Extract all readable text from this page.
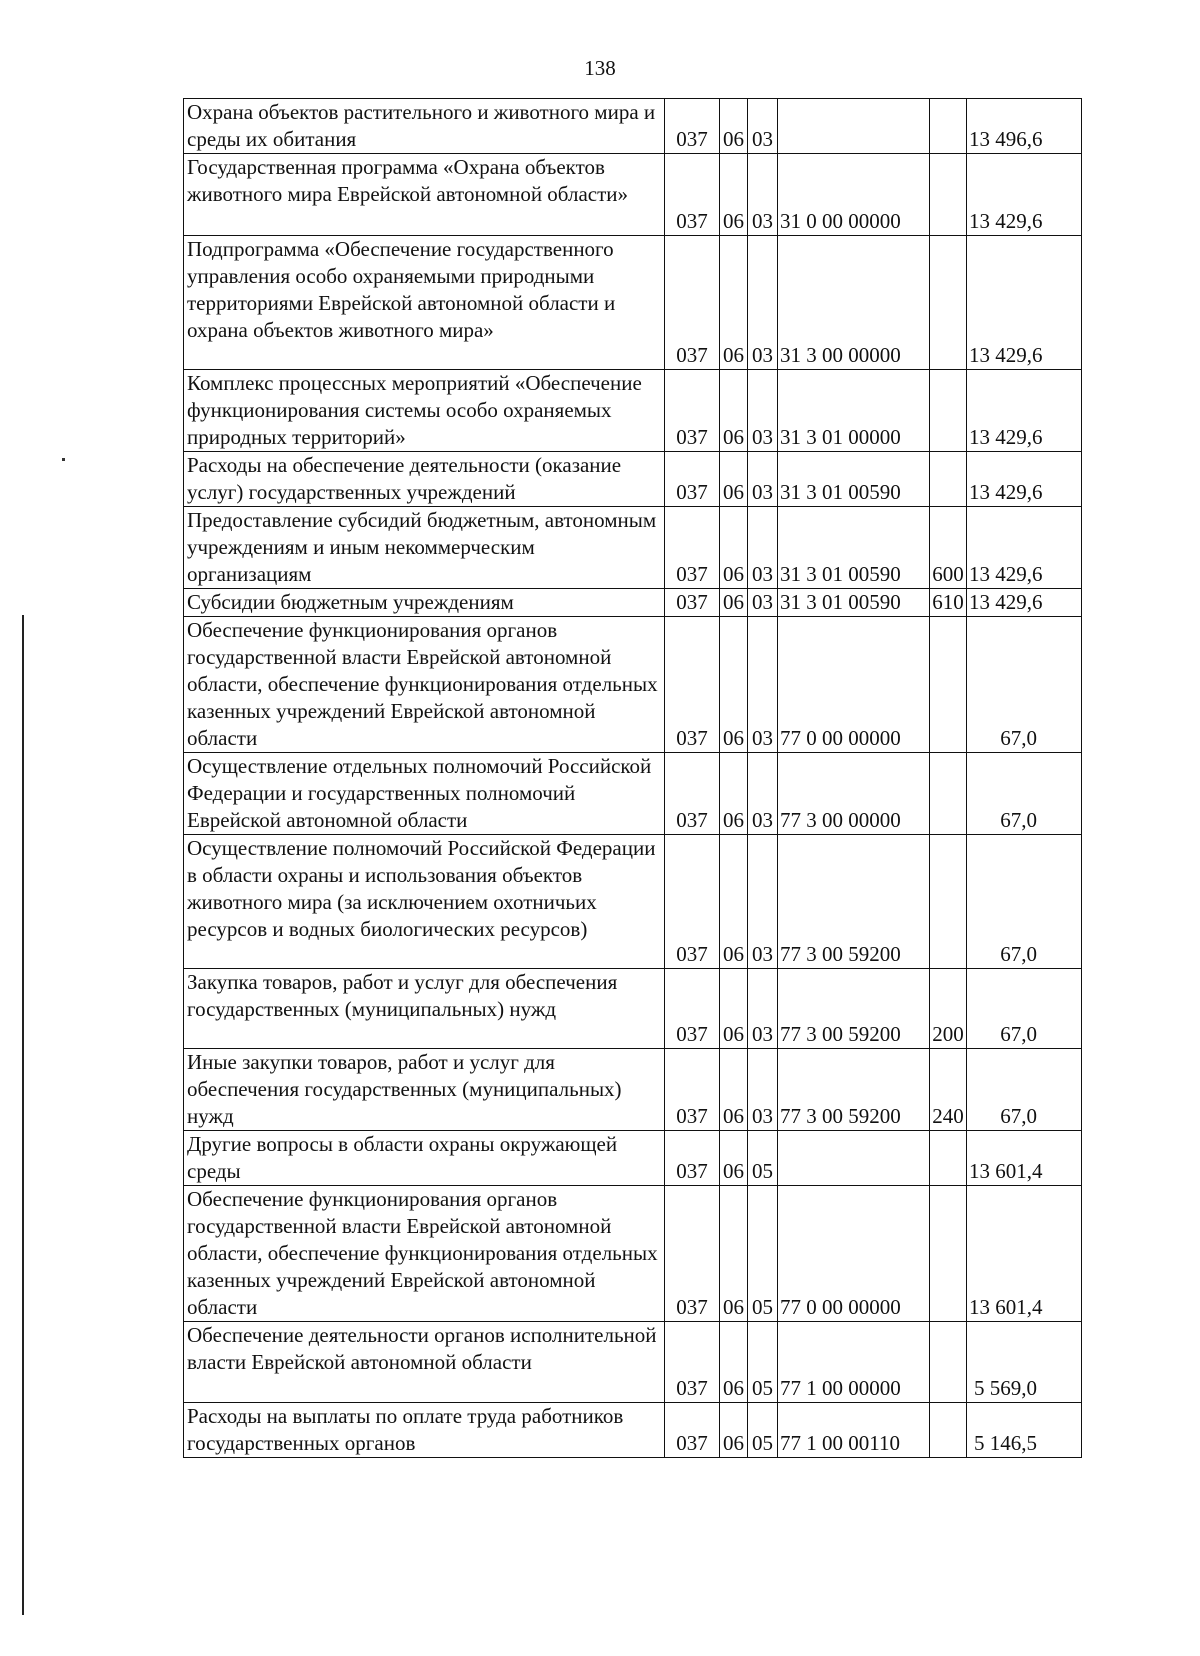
138
Охрана объектов растительного и животного мира и среды их обитания	037	06	03			13 496,6
Государственная программа «Охрана объектов животного мира Еврейской автономной области»	037	06	03	31 0 00 00000		13 429,6
Подпрограмма «Обеспечение государственного управления особо охраняемыми природными территориями Еврейской автономной области и охрана объектов животного мира»	037	06	03	31 3 00 00000		13 429,6
Комплекс процессных мероприятий «Обеспечение функционирования системы особо охраняемых природных территорий»	037	06	03	31 3 01 00000		13 429,6
Расходы на обеспечение деятельности (оказание услуг) государственных учреждений	037	06	03	31 3 01 00590		13 429,6
Предоставление субсидий бюджетным, автономным учреждениям и иным некоммерческим организациям	037	06	03	31 3 01 00590	600	13 429,6
Субсидии бюджетным учреждениям	037	06	03	31 3 01 00590	610	13 429,6
Обеспечение функционирования органов государственной власти Еврейской автономной области, обеспечение функционирования отдельных казенных учреждений Еврейской автономной области	037	06	03	77 0 00 00000		67,0
Осуществление отдельных полномочий Российской Федерации и государственных полномочий Еврейской автономной области	037	06	03	77 3 00 00000		67,0
Осуществление полномочий Российской Федерации в области охраны и использования объектов животного мира (за исключением охотничьих ресурсов и водных биологических ресурсов)	037	06	03	77 3 00 59200		67,0
Закупка товаров, работ и услуг для обеспечения государственных (муниципальных) нужд	037	06	03	77 3 00 59200	200	67,0
Иные закупки товаров, работ и услуг для обеспечения государственных (муниципальных) нужд	037	06	03	77 3 00 59200	240	67,0
Другие вопросы в области охраны окружающей среды	037	06	05			13 601,4
Обеспечение функционирования органов государственной власти Еврейской автономной области, обеспечение функционирования отдельных казенных учреждений Еврейской автономной области	037	06	05	77 0 00 00000		13 601,4
Обеспечение деятельности органов исполнительной власти Еврейской автономной области	037	06	05	77 1 00 00000		5 569,0
Расходы на выплаты по оплате труда работников государственных органов	037	06	05	77 1 00 00110		5 146,5
